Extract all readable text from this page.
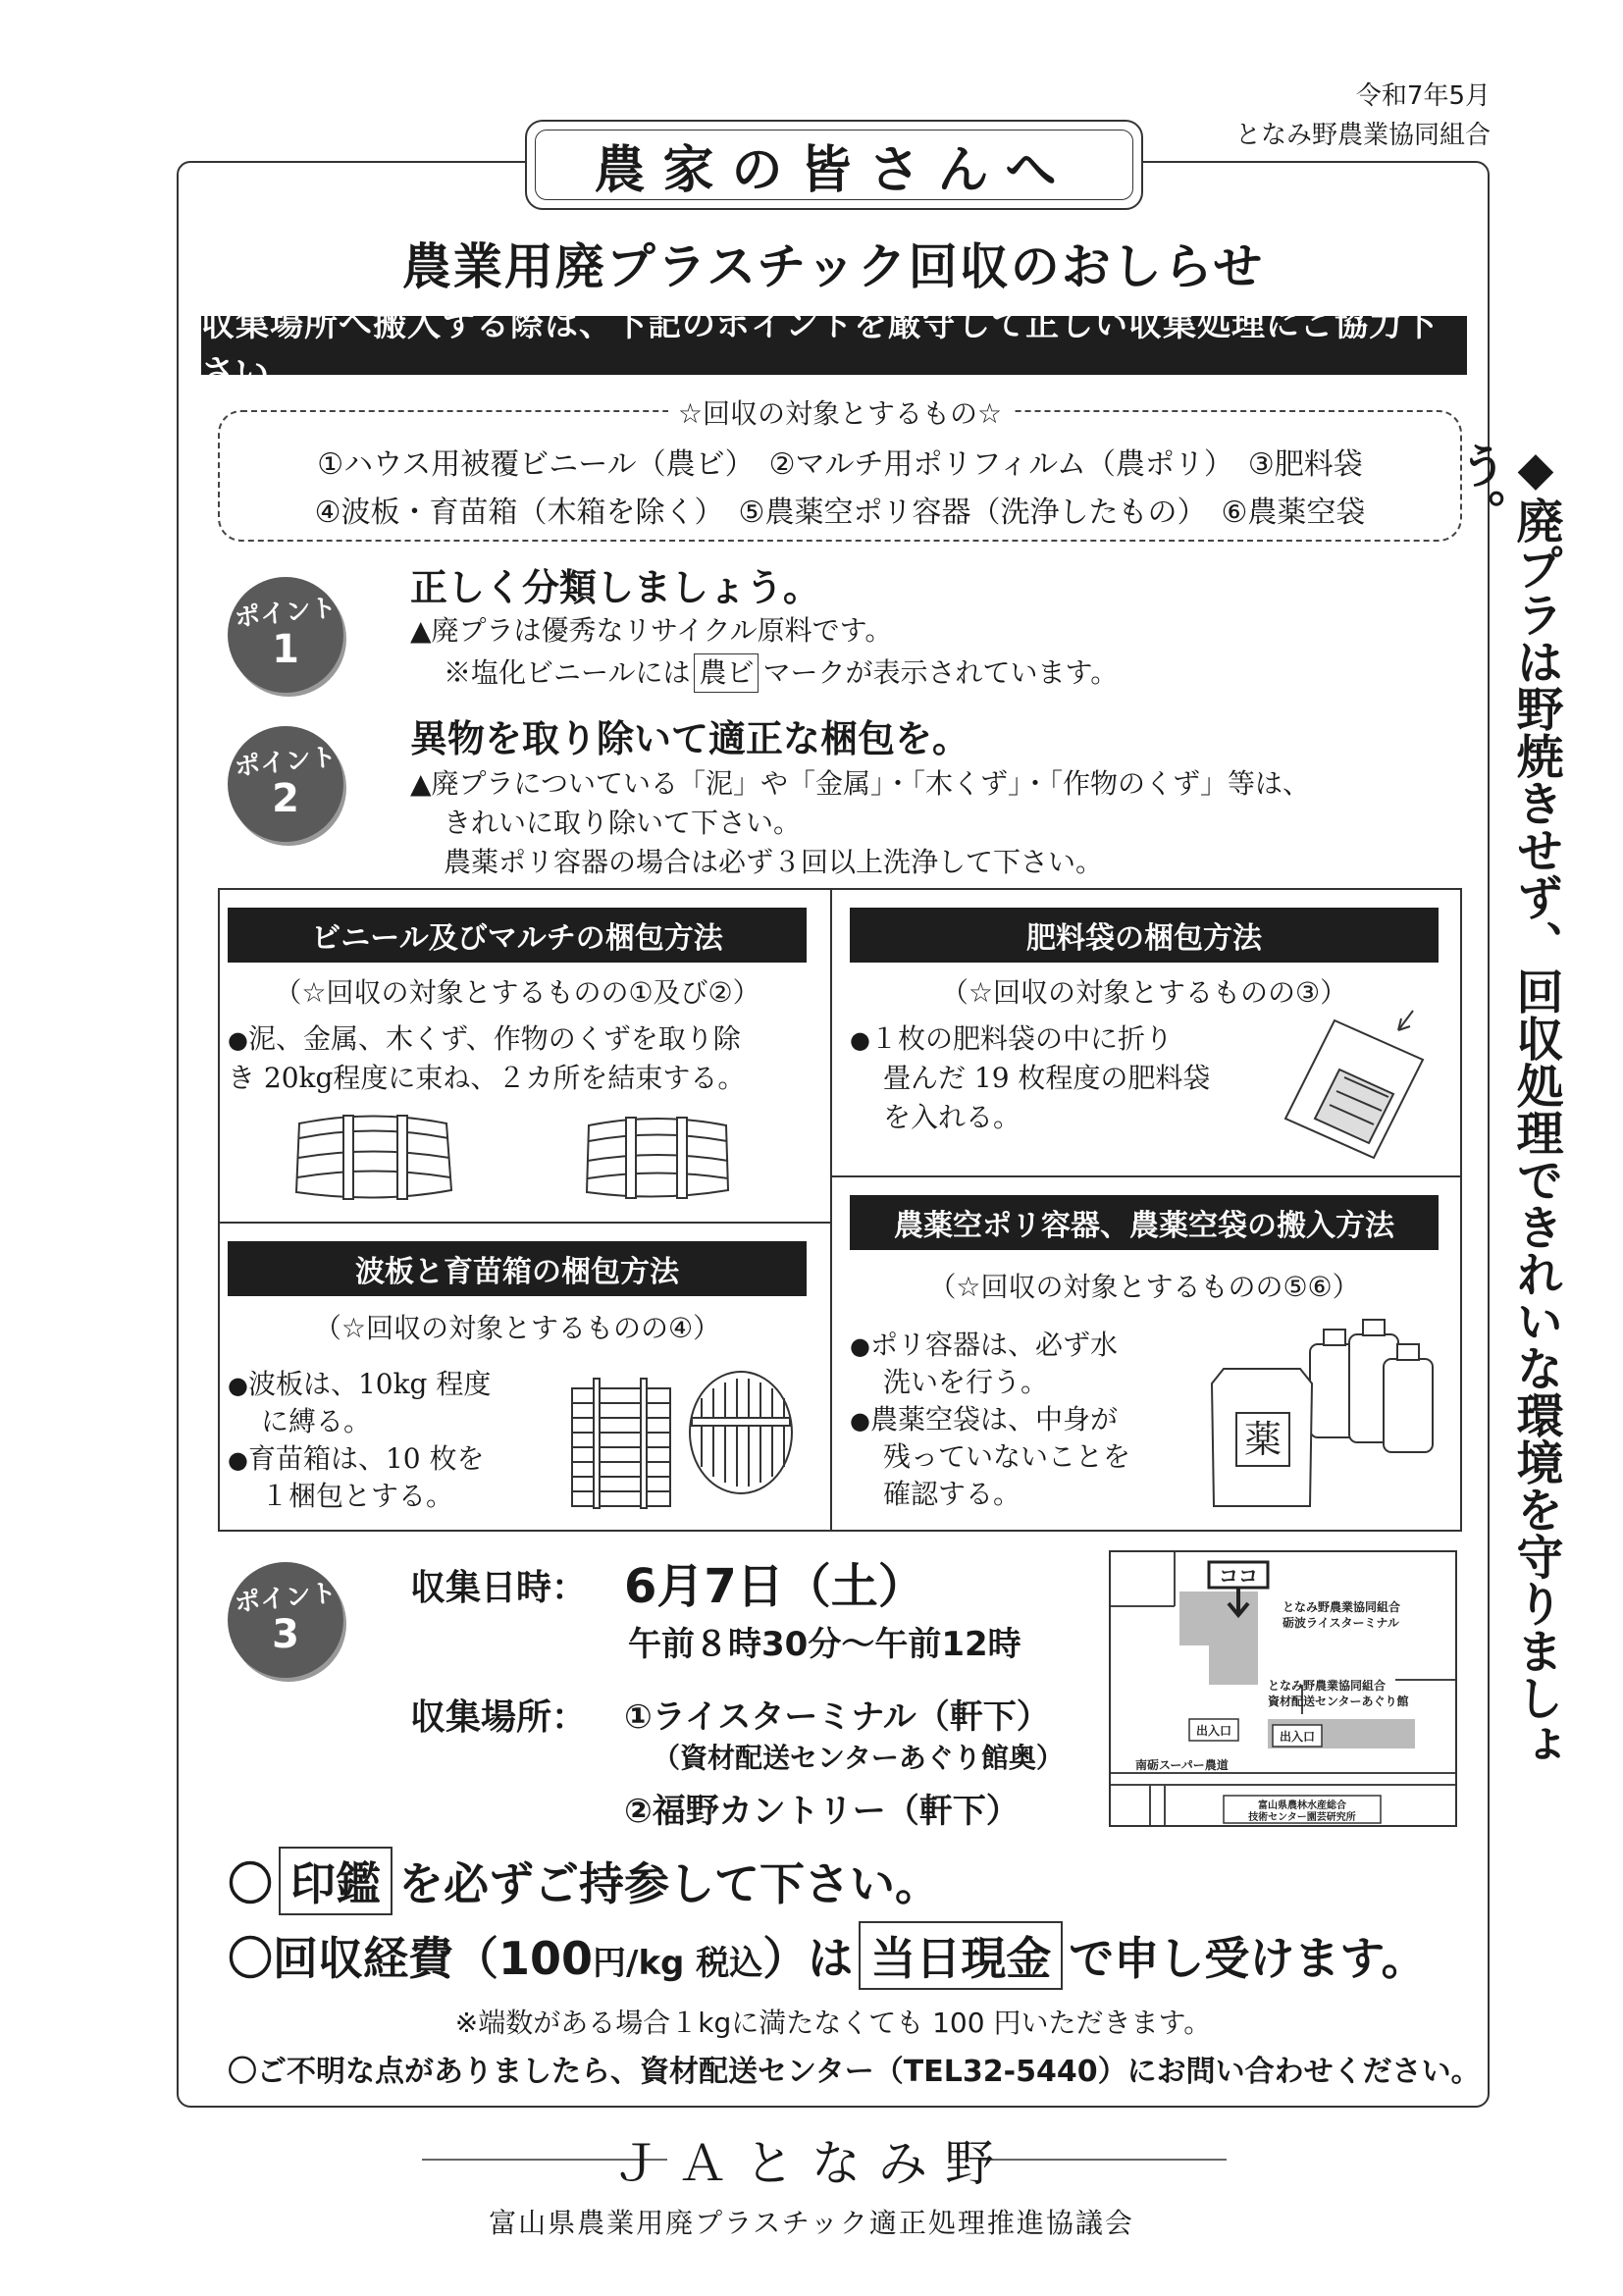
令和7年5月
となみ野農業協同組合
農家の皆さんへ
農業用廃プラスチック回収のおしらせ
収集場所へ搬入する際は、下記のポイントを厳守して正しい収集処理にご協力下さい
☆回収の対象とするもの☆
①ハウス用被覆ビニール（農ビ）　②マルチ用ポリフィルム（農ポリ）　③肥料袋
④波板・育苗箱（木箱を除く）　⑤農薬空ポリ容器（洗浄したもの）　⑥農薬空袋
ポイント
1
正しく分類しましょう。
▲廃プラは優秀なリサイクル原料です。
※塩化ビニールには 農ビ マークが表示されています。
ポイント
2
異物を取り除いて適正な梱包を。
▲廃プラについている「泥」や「金属」・「木くず」・「作物のくず」等は、
きれいに取り除いて下さい。
農薬ポリ容器の場合は必ず３回以上洗浄して下さい。
ビニール及びマルチの梱包方法
（☆回収の対象とするものの①及び②）
●泥、金属、木くず、作物のくずを取り除
き 20kg程度に束ね、２カ所を結束する。
肥料袋の梱包方法
（☆回収の対象とするものの③）
●１枚の肥料袋の中に折り
畳んだ 19 枚程度の肥料袋
を入れる。
波板と育苗箱の梱包方法
（☆回収の対象とするものの④）
●波板は、10kg 程度
に縛る。
●育苗箱は、10 枚を
１梱包とする。
農薬空ポリ容器、農薬空袋の搬入方法
（☆回収の対象とするものの⑤⑥）
●ポリ容器は、必ず水
洗いを行う。
●農薬空袋は、中身が
残っていないことを
確認する。
薬
ポイント
3
収集日時： 6月7日（土）
午前８時30分～午前12時
収集場所： ①ライスターミナル（軒下）
（資材配送センターあぐり館奥）
②福野カントリー（軒下）
ココ
となみ野農業協同組合
砺波ライスターミナル
となみ野農業協同組合
資材配送センターあぐり館
出入口	出入口
南砺スーパー農道
富山県農林水産総合
技術センター園芸研究所
〇 印鑑 を必ずご持参して下さい。
〇回収経費（100円/kg 税込）は 当日現金 で申し受けます。
※端数がある場合１kgに満たなくても 100 円いただきます。
〇ご不明な点がありましたら、資材配送センター（TEL32-5440）にお問い合わせください。
◆廃プラは野焼きせず、回収処理できれいな環境を守りましょう。
ＪＡとなみ野
富山県農業用廃プラスチック適正処理推進協議会
